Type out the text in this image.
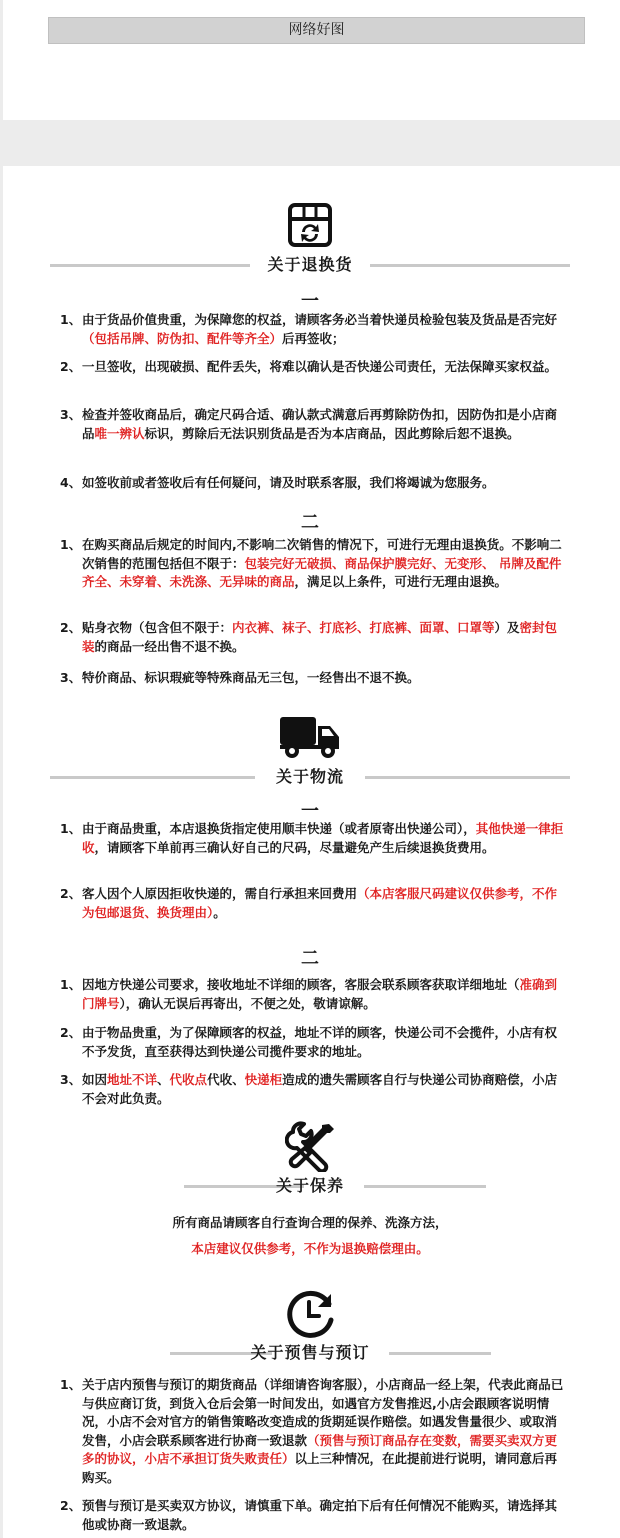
网络好图
关于退换货
一
1、 由于货品价值贵重，为保障您的权益，请顾客务必当着快递员检验包装及货品是否完好（包括吊牌、防伪扣、配件等齐全）后再签收；
2、 一旦签收，出现破损、配件丢失，将难以确认是否快递公司责任，无法保障买家权益。
3、 检查并签收商品后，确定尺码合适、确认款式满意后再剪除防伪扣，因防伪扣是小店商品唯一辨认标识，剪除后无法识别货品是否为本店商品，因此剪除后恕不退换。
4、 如签收前或者签收后有任何疑问，请及时联系客服，我们将竭诚为您服务。
二
1、 在购买商品后规定的时间内,不影响二次销售的情况下，可进行无理由退换货。不影响二次销售的范围包括但不限于：包装完好无破损、商品保护膜完好、无变形、 吊牌及配件齐全、未穿着、未洗涤、无异味的商品，满足以上条件，可进行无理由退换。
2、 贴身衣物（包含但不限于：内衣裤、袜子、打底衫、打底裤、面罩、口罩等）及密封包装的商品一经出售不退不换。
3、 特价商品、标识瑕疵等特殊商品无三包，一经售出不退不换。
关于物流
一
1、 由于商品贵重，本店退换货指定使用顺丰快递（或者原寄出快递公司），其他快递一律拒收，请顾客下单前再三确认好自己的尺码，尽量避免产生后续退换货费用。
2、 客人因个人原因拒收快递的，需自行承担来回费用（本店客服尺码建议仅供参考，不作为包邮退货、换货理由）。
二
1、 因地方快递公司要求，接收地址不详细的顾客，客服会联系顾客获取详细地址（准确到门牌号），确认无误后再寄出，不便之处，敬请谅解。
2、 由于物品贵重，为了保障顾客的权益，地址不详的顾客，快递公司不会揽件，小店有权不予发货，直至获得达到快递公司揽件要求的地址。
3、 如因地址不详、代收点代收、快递柜造成的遗失需顾客自行与快递公司协商赔偿，小店不会对此负责。
关于保养
所有商品请顾客自行查询合理的保养、洗涤方法，
本店建议仅供参考，不作为退换赔偿理由。
关于预售与预订
1、 关于店内预售与预订的期货商品（详细请咨询客服），小店商品一经上架，代表此商品已与供应商订货，到货入仓后会第一时间发出，如遇官方发售推迟,小店会跟顾客说明情况，小店不会对官方的销售策略改变造成的货期延误作赔偿。如遇发售量很少、或取消发售，小店会联系顾客进行协商一致退款（预售与预订商品存在变数，需要买卖双方更多的协议，小店不承担订货失败责任）以上三种情况，在此提前进行说明，请同意后再购买。
2、 预售与预订是买卖双方协议，请慎重下单。确定拍下后有任何情况不能购买，请选择其他或协商一致退款。
